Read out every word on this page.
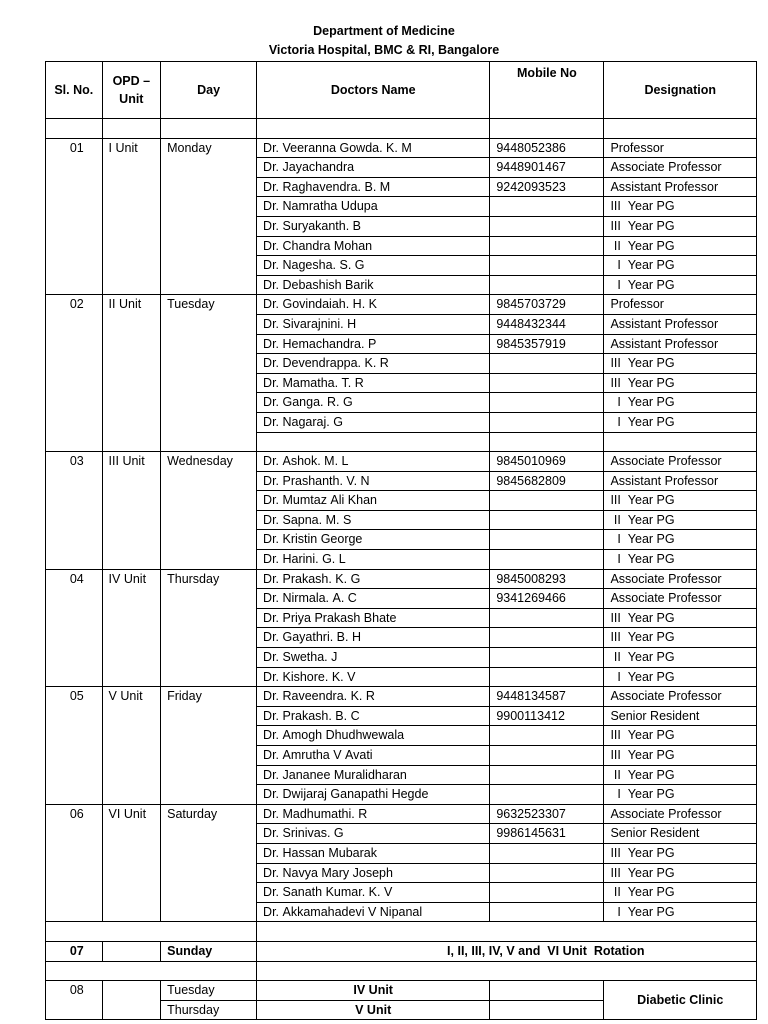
Department of Medicine
Victoria Hospital, BMC & RI, Bangalore
Sl. No.	OPD – Unit	Day	Doctors Name	Mobile No	Designation

01	I Unit	Monday	Dr. Veeranna Gowda. K. M	9448052386	Professor
			Dr. Jayachandra	9448901467	Associate Professor
			Dr. Raghavendra. B. M	9242093523	Assistant Professor
			Dr. Namratha Udupa		III  Year PG
			Dr. Suryakanth. B		III  Year PG
			Dr. Chandra Mohan		II  Year PG
			Dr. Nagesha. S. G		I  Year PG
			Dr. Debashish Barik		I  Year PG
02	II Unit	Tuesday	Dr. Govindaiah. H. K	9845703729	Professor
			Dr. Sivarajnini. H	9448432344	Assistant Professor
			Dr. Hemachandra. P	9845357919	Assistant Professor
			Dr. Devendrappa. K. R		III  Year PG
			Dr. Mamatha. T. R		III  Year PG
			Dr. Ganga. R. G		I  Year PG
			Dr. Nagaraj. G		I  Year PG

03	III Unit	Wednesday	Dr. Ashok. M. L	9845010969	Associate Professor
			Dr. Prashanth. V. N	9845682809	Assistant Professor
			Dr. Mumtaz Ali Khan		III  Year PG
			Dr. Sapna. M. S		II  Year PG
			Dr. Kristin George		I  Year PG
			Dr. Harini. G. L		I  Year PG
04	IV Unit	Thursday	Dr. Prakash. K. G	9845008293	Associate Professor
			Dr. Nirmala. A. C	9341269466	Associate Professor
			Dr. Priya Prakash Bhate		III  Year PG
			Dr. Gayathri. B. H		III  Year PG
			Dr. Swetha. J		II  Year PG
			Dr. Kishore. K. V		I  Year PG
05	V Unit	Friday	Dr. Raveendra. K. R	9448134587	Associate Professor
			Dr. Prakash. B. C	9900113412	Senior Resident
			Dr. Amogh Dhudhwewala		III  Year PG
			Dr. Amrutha V Avati		III  Year PG
			Dr. Jananee Muralidharan		II  Year PG
			Dr. Dwijaraj Ganapathi Hegde		I  Year PG
06	VI Unit	Saturday	Dr. Madhumathi. R	9632523307	Associate Professor
			Dr. Srinivas. G	9986145631	Senior Resident
			Dr. Hassan Mubarak		III  Year PG
			Dr. Navya Mary Joseph		III  Year PG
			Dr. Sanath Kumar. K. V		II  Year PG
			Dr. Akkamahadevi V Nipanal		I  Year PG

07		Sunday	I, II, III, IV, V and  VI Unit  Rotation		

08		Tuesday	IV Unit		Diabetic Clinic
		Thursday	V Unit		
